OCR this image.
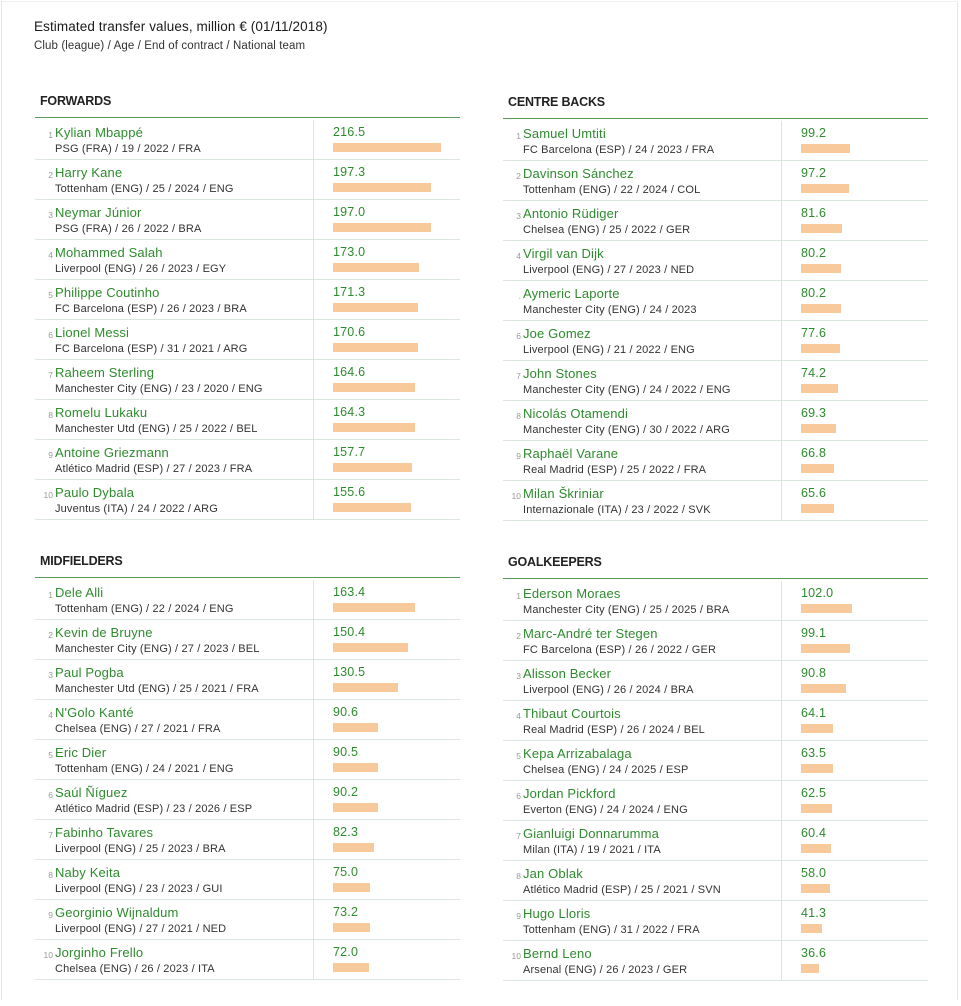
Estimated transfer values, million € (01/11/2018)
Club (league) / Age / End of contract / National team
FORWARDS
1 Kylian Mbappé
PSG (FRA) / 19 / 2022 / FRA
216.5
2 Harry Kane
Tottenham (ENG) / 25 / 2024 / ENG
197.3
3 Neymar Júnior
PSG (FRA) / 26 / 2022 / BRA
197.0
4 Mohammed Salah
Liverpool (ENG) / 26 / 2023 / EGY
173.0
5 Philippe Coutinho
FC Barcelona (ESP) / 26 / 2023 / BRA
171.3
6 Lionel Messi
FC Barcelona (ESP) / 31 / 2021 / ARG
170.6
7 Raheem Sterling
Manchester City (ENG) / 23 / 2020 / ENG
164.6
8 Romelu Lukaku
Manchester Utd (ENG) / 25 / 2022 / BEL
164.3
9 Antoine Griezmann
Atlético Madrid (ESP) / 27 / 2023 / FRA
157.7
10 Paulo Dybala
Juventus (ITA) / 24 / 2022 / ARG
155.6
CENTRE BACKS
1 Samuel Umtiti
FC Barcelona (ESP) / 24 / 2023 / FRA
99.2
2 Davinson Sánchez
Tottenham (ENG) / 22 / 2024 / COL
97.2
3 Antonio Rüdiger
Chelsea (ENG) / 25 / 2022 / GER
81.6
4 Virgil van Dijk
Liverpool (ENG) / 27 / 2023 / NED
80.2
. Aymeric Laporte
Manchester City (ENG) / 24 / 2023
80.2
6 Joe Gomez
Liverpool (ENG) / 21 / 2022 / ENG
77.6
7 John Stones
Manchester City (ENG) / 24 / 2022 / ENG
74.2
8 Nicolás Otamendi
Manchester City (ENG) / 30 / 2022 / ARG
69.3
9 Raphaël Varane
Real Madrid (ESP) / 25 / 2022 / FRA
66.8
10 Milan Škriniar
Internazionale (ITA) / 23 / 2022 / SVK
65.6
MIDFIELDERS
1 Dele Alli
Tottenham (ENG) / 22 / 2024 / ENG
163.4
2 Kevin de Bruyne
Manchester City (ENG) / 27 / 2023 / BEL
150.4
3 Paul Pogba
Manchester Utd (ENG) / 25 / 2021 / FRA
130.5
4 N'Golo Kanté
Chelsea (ENG) / 27 / 2021 / FRA
90.6
5 Eric Dier
Tottenham (ENG) / 24 / 2021 / ENG
90.5
6 Saúl Ñíguez
Atlético Madrid (ESP) / 23 / 2026 / ESP
90.2
7 Fabinho Tavares
Liverpool (ENG) / 25 / 2023 / BRA
82.3
8 Naby Keita
Liverpool (ENG) / 23 / 2023 / GUI
75.0
9 Georginio Wijnaldum
Liverpool (ENG) / 27 / 2021 / NED
73.2
10 Jorginho Frello
Chelsea (ENG) / 26 / 2023 / ITA
72.0
GOALKEEPERS
1 Ederson Moraes
Manchester City (ENG) / 25 / 2025 / BRA
102.0
2 Marc-André ter Stegen
FC Barcelona (ESP) / 26 / 2022 / GER
99.1
3 Alisson Becker
Liverpool (ENG) / 26 / 2024 / BRA
90.8
4 Thibaut Courtois
Real Madrid (ESP) / 26 / 2024 / BEL
64.1
5 Kepa Arrizabalaga
Chelsea (ENG) / 24 / 2025 / ESP
63.5
6 Jordan Pickford
Everton (ENG) / 24 / 2024 / ENG
62.5
7 Gianluigi Donnarumma
Milan (ITA) / 19 / 2021 / ITA
60.4
8 Jan Oblak
Atlético Madrid (ESP) / 25 / 2021 / SVN
58.0
9 Hugo Lloris
Tottenham (ENG) / 31 / 2022 / FRA
41.3
10 Bernd Leno
Arsenal (ENG) / 26 / 2023 / GER
36.6
